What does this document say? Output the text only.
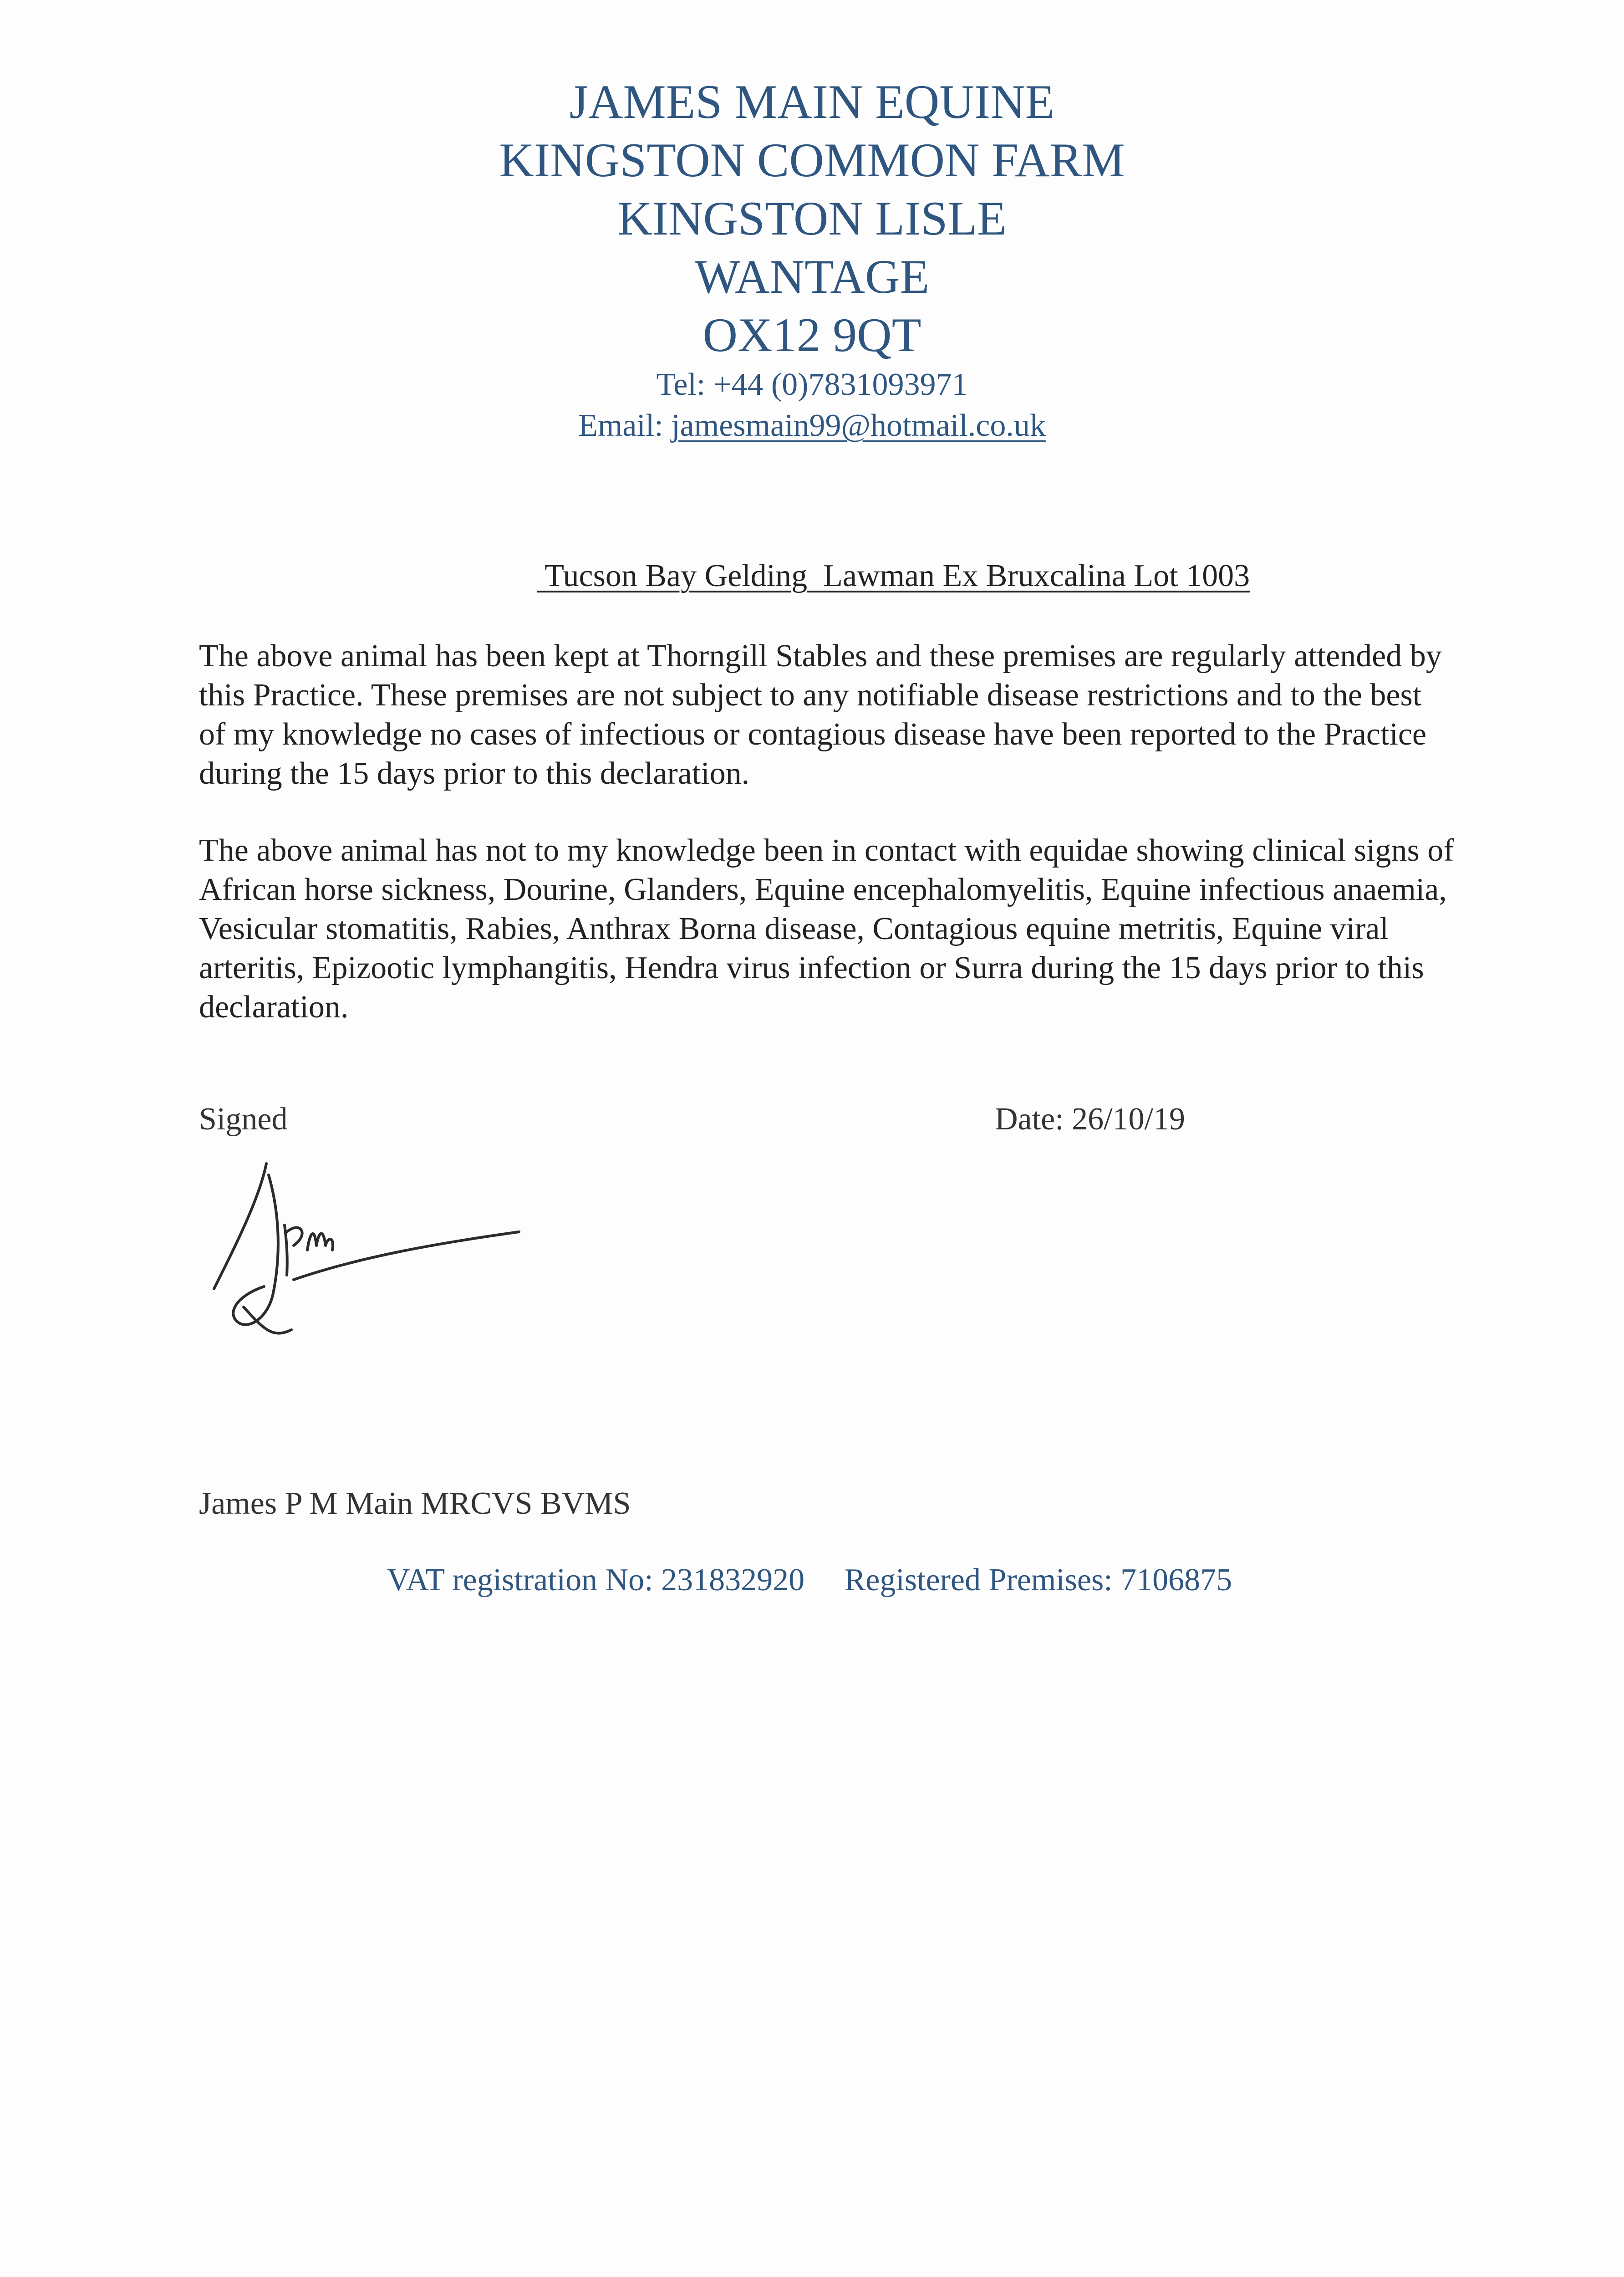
JAMES MAIN EQUINE
KINGSTON COMMON FARM
KINGSTON LISLE
WANTAGE
OX12 9QT
Tel: +44 (0)7831093971
Email: jamesmain99@hotmail.co.uk
Tucson Bay Gelding  Lawman Ex Bruxcalina Lot 1003
The above animal has been kept at Thorngill Stables and these premises are regularly attended by this Practice. These premises are not subject to any notifiable disease restrictions and to the best of my knowledge no cases of infectious or contagious disease have been reported to the Practice during the 15 days prior to this declaration.
The above animal has not to my knowledge been in contact with equidae showing clinical signs of African horse sickness, Dourine, Glanders, Equine encephalomyelitis, Equine infectious anaemia, Vesicular stomatitis, Rabies, Anthrax Borna disease, Contagious equine metritis, Equine viral arteritis, Epizootic lymphangitis, Hendra virus infection or Surra during the 15 days prior to this declaration.
Signed	Date: 26/10/19
James P M Main MRCVS BVMS
VAT registration No: 231832920 Registered Premises: 7106875
